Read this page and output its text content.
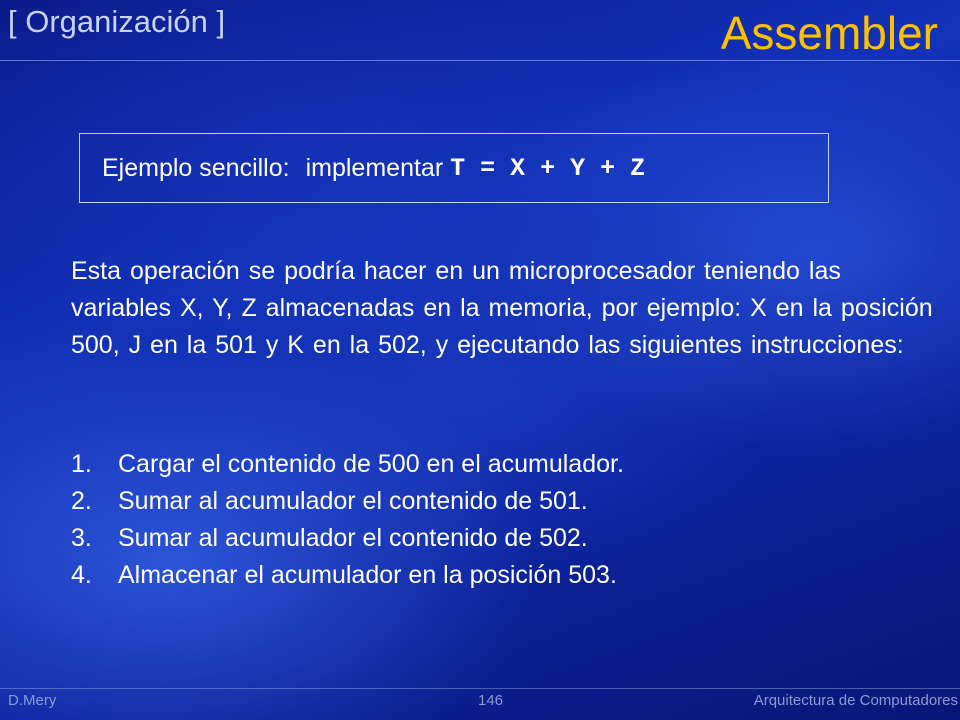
[ Organización ]	Assembler
Ejemplo sencillo: implementar
T = X + Y + Z

Esta operación se podría hacer en un microprocesador teniendo las variables X, Y, Z almacenadas en la memoria, por ejemplo: X en la posición 500, J en la 501 y K en la 502, y ejecutando las siguientes instrucciones:

1.	Cargar el contenido de 500 en el acumulador.
2.	Sumar al acumulador el contenido de 501.
3.	Sumar al acumulador el contenido de 502.
4.	Almacenar el acumulador en la posición 503.
D.Mery	146	Arquitectura de Computadores
